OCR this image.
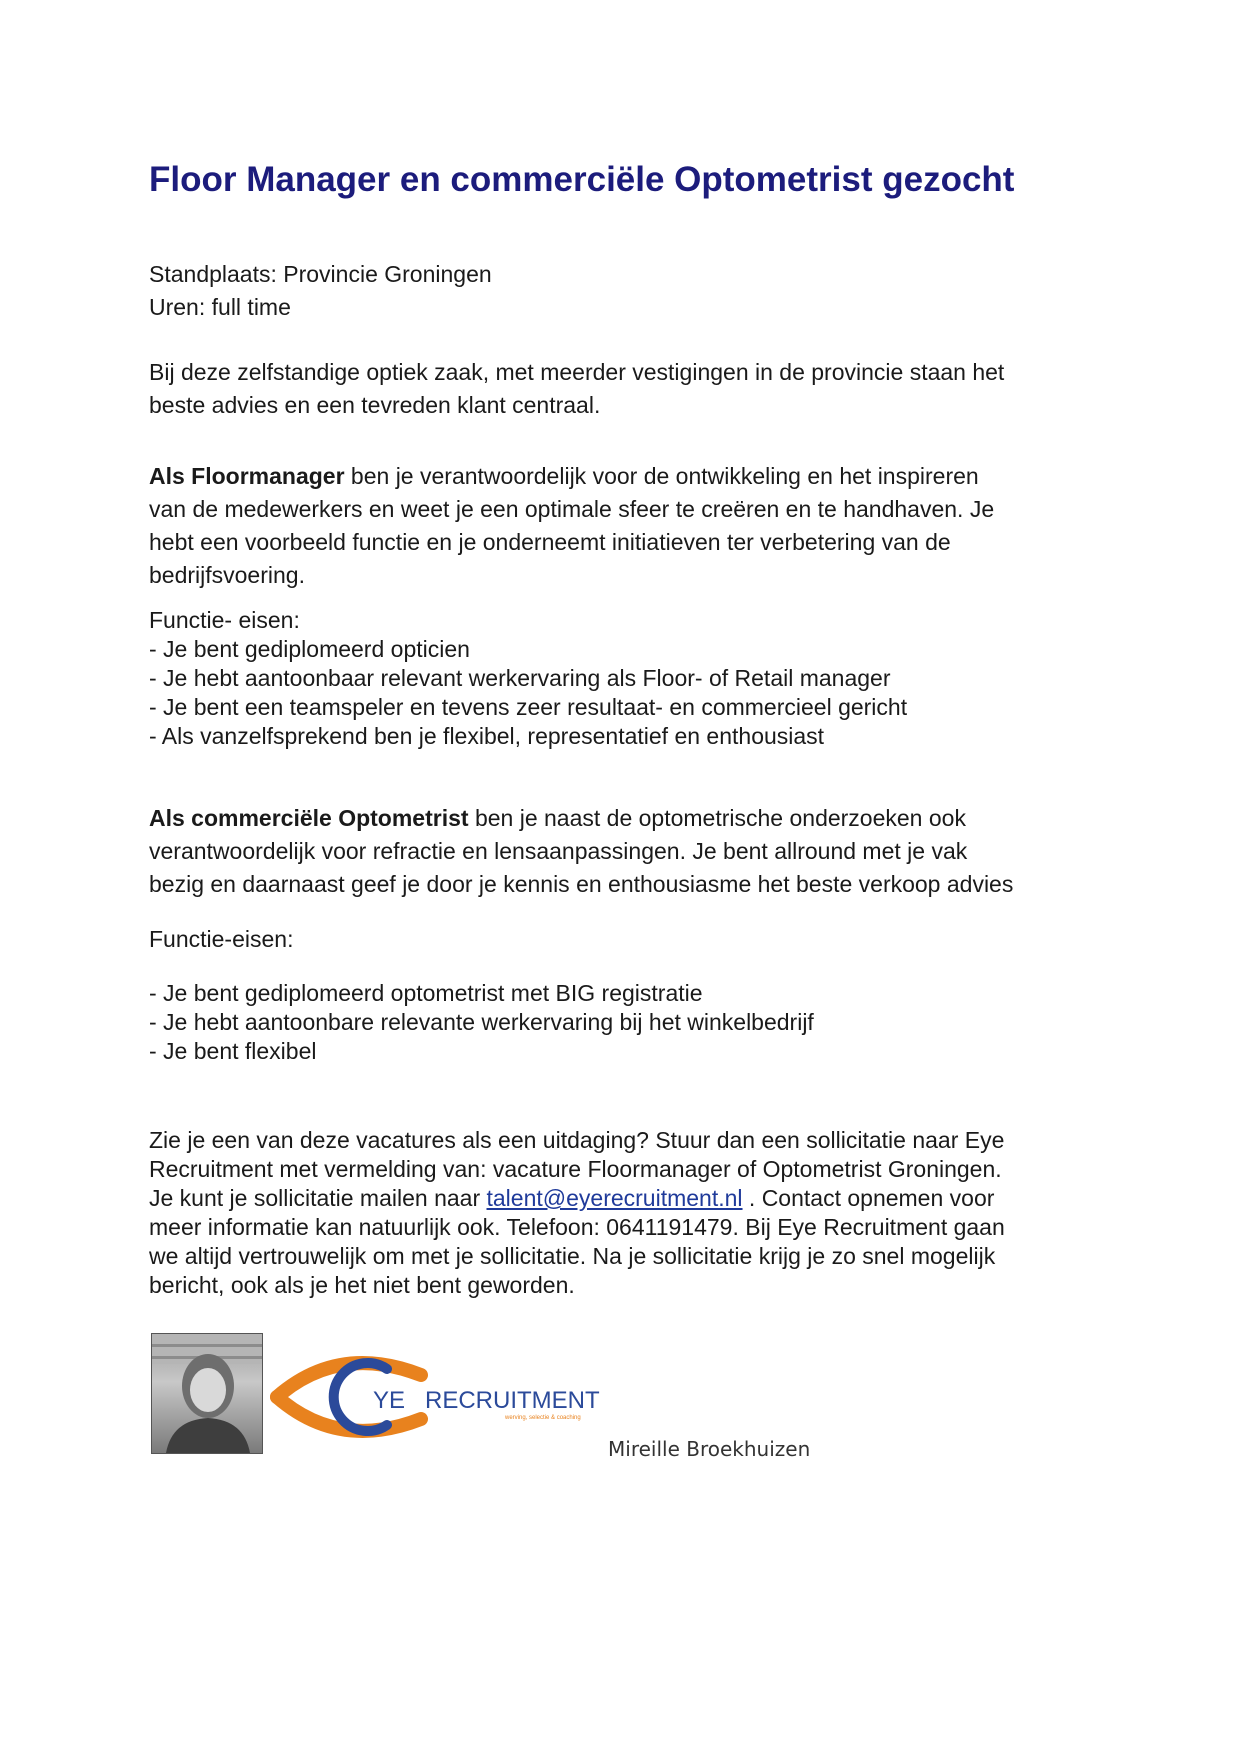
Floor Manager en commerciële Optometrist gezocht
Standplaats: Provincie Groningen
Uren: full time
Bij deze zelfstandige optiek zaak, met meerder vestigingen in de provincie staan het
beste advies en een tevreden klant centraal.
Als Floormanager ben je verantwoordelijk voor de ontwikkeling en het inspireren
van de medewerkers en weet je een optimale sfeer te creëren en te handhaven. Je
hebt een voorbeeld functie en je onderneemt initiatieven ter verbetering van de
bedrijfsvoering.
Functie- eisen:
- Je bent gediplomeerd opticien
- Je hebt aantoonbaar relevant werkervaring als Floor- of Retail manager
- Je bent een teamspeler en tevens zeer resultaat- en commercieel gericht
- Als vanzelfsprekend ben je flexibel, representatief en enthousiast
Als commerciële Optometrist ben je naast de optometrische onderzoeken ook
verantwoordelijk voor refractie en lensaanpassingen. Je bent allround met je vak
bezig en daarnaast geef je door je kennis en enthousiasme het beste verkoop advies
Functie-eisen:
- Je bent gediplomeerd optometrist met BIG registratie
- Je hebt aantoonbare relevante werkervaring bij het winkelbedrijf
- Je bent flexibel
Zie je een van deze vacatures als een uitdaging? Stuur dan een sollicitatie naar Eye
Recruitment met vermelding van: vacature Floormanager of Optometrist Groningen.
Je kunt je sollicitatie mailen naar talent@eyerecruitment.nl . Contact opnemen voor
meer informatie kan natuurlijk ook. Telefoon: 0641191479. Bij Eye Recruitment gaan
we altijd vertrouwelijk om met je sollicitatie. Na je sollicitatie krijg je zo snel mogelijk
bericht, ook als je het niet bent geworden.
YE RECRUITMENT
werving, selectie & coaching
Mireille Broekhuizen
